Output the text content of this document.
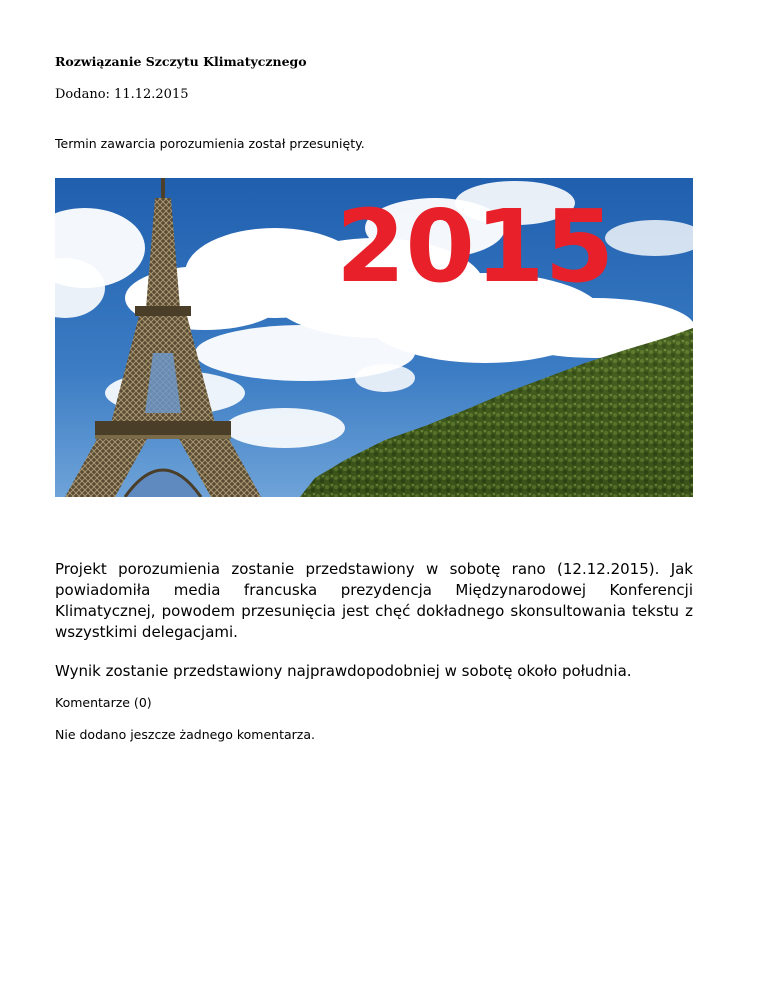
Rozwiązanie Szczytu Klimatycznego
Dodano: 11.12.2015
Termin zawarcia porozumienia został przesunięty.
2015
Projekt porozumienia zostanie przedstawiony w sobotę rano (12.12.2015). Jak powiadomiła media francuska prezydencja Międzynarodowej Konferencji Klimatycznej, powodem przesunięcia jest chęć dokładnego skonsultowania tekstu z wszystkimi delegacjami.
Wynik zostanie przedstawiony najprawdopodobniej w sobotę około południa.
Komentarze (0)
Nie dodano jeszcze żadnego komentarza.
